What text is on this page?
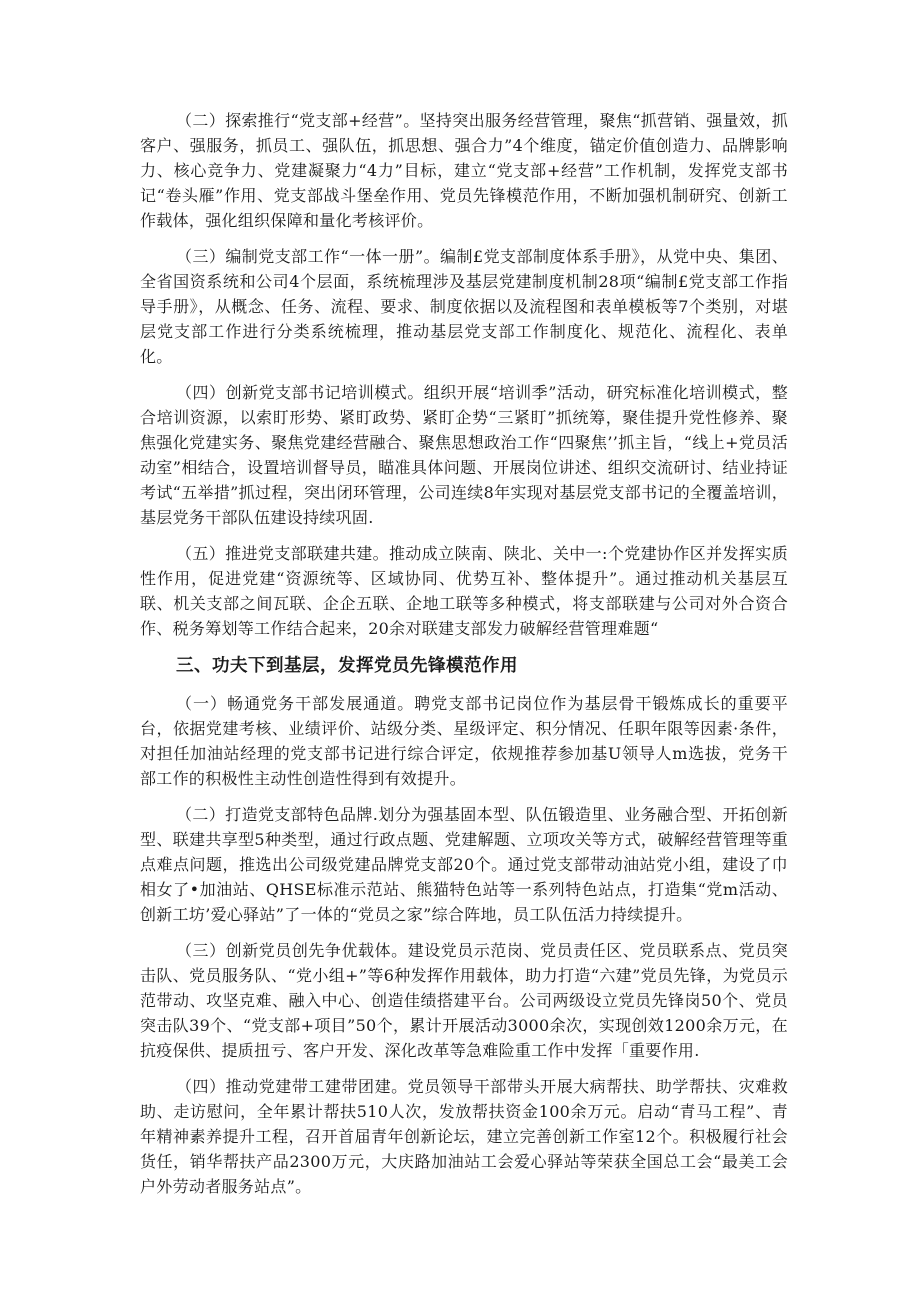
（二）探索推行“党支部+经营”。坚持突出服务经营管理，聚焦“抓营销、强量效，抓客户、强服务，抓员工、强队伍，抓思想、强合力”4个维度，锚定价值创造力、品牌影响力、核心竞争力、党建凝聚力“4力”目标，建立“党支部+经营”工作机制，发挥党支部书记“卷头雁”作用、党支部战斗堡垒作用、党员先锋模范作用，不断加强机制研究、创新工作载体，强化组织保障和量化考核评价。

（三）编制党支部工作“一体一册”。编制£党支部制度体系手册》，从党中央、集团、全省国资系统和公司4个层面，系统梳理涉及基层党建制度机制28项“编制£党支部工作指导手册》，从概念、任务、流程、要求、制度依据以及流程图和表单模板等7个类别，对堪层党支部工作进行分类系统梳理，推动基层党支部工作制度化、规范化、流程化、表单化。

（四）创新党支部书记培训模式。组织开展“培训季”活动，研究标准化培训模式，整合培训资源，以索盯形势、紧盯政势、紧盯企势“三紧盯”抓统筹，聚佳提升党性修养、聚焦强化党建实务、聚焦党建经营融合、聚焦思想政治工作“四聚焦’’抓主旨，“线上+党员活动室”相结合，设置培训督导员，瞄准具体问题、开展岗位讲述、组织交流研讨、结业持证考试“五举措”抓过程，突出闭环管理，公司连续8年实现对基层党支部书记的全覆盖培训，基层党务干部队伍建设持续巩固.

（五）推进党支部联建共建。推动成立陕南、陕北、关中一:个党建协作区并发挥实质性作用，促进党建“资源统等、区域协同、优势互补、整体提升”。通过推动机关基层互联、机关支部之间瓦联、企企五联、企地工联等多种模式，将支部联建与公司对外合资合作、税务筹划等工作结合起来，20余对联建支部发力破解经营管理难题“

三、功夫下到基层，发挥党员先锋模范作用

（一）畅通党务干部发展通道。聘党支部书记岗位作为基层骨干锻炼成长的重要平台，依据党建考核、业绩评价、站级分类、星级评定、积分情况、任职年限等因素·条件，对担任加油站经理的党支部书记进行综合评定，依规推荐参加基U领导人m选拔，党务干部工作的积极性主动性创造性得到有效提升。

（二）打造党支部特色品牌.划分为强基固本型、队伍锻造里、业务融合型、开拓创新型、联建共享型5种类型，通过行政点题、党建解题、立项攻关等方式，破解经营管理等重点难点问题，推选出公司级党建品牌党支部20个。通过党支部带动油站党小组，建设了巾相女了•加油站、QHSE标准示范站、熊猫特色站等一系列特色站点，打造集“党m活动、创新工坊’爱心驿站”了一体的“党员之家”综合阵地，员工队伍活力持续提升。

（三）创新党员创先争优载体。建设党员示范岗、党员责任区、党员联系点、党员突击队、党员服务队、“党小组+”等6种发挥作用载体，助力打造“六建”党员先锋，为党员示范带动、攻坚克难、融入中心、创造佳绩搭建平台。公司两级设立党员先锋岗50个、党员突击队39个、“党支部+项目”50个，累计开展活动3000余次，实现创效1200余万元，在抗疫保供、提质扭亏、客户开发、深化改革等急难险重工作中发挥「重要作用.

（四）推动党建带工建带团建。党员领导干部带头开展大病帮扶、助学帮扶、灾难救助、走访慰问，全年累计帮扶510人次，发放帮扶资金100余万元。启动“青马工程”、青年精神素养提升工程，召开首届青年创新论坛，建立完善创新工作室12个。积极履行社会货任，销华帮扶产品2300万元，大庆路加油站工会爱心驿站等荣获全国总工会“最美工会户外劳动者服务站点”。
